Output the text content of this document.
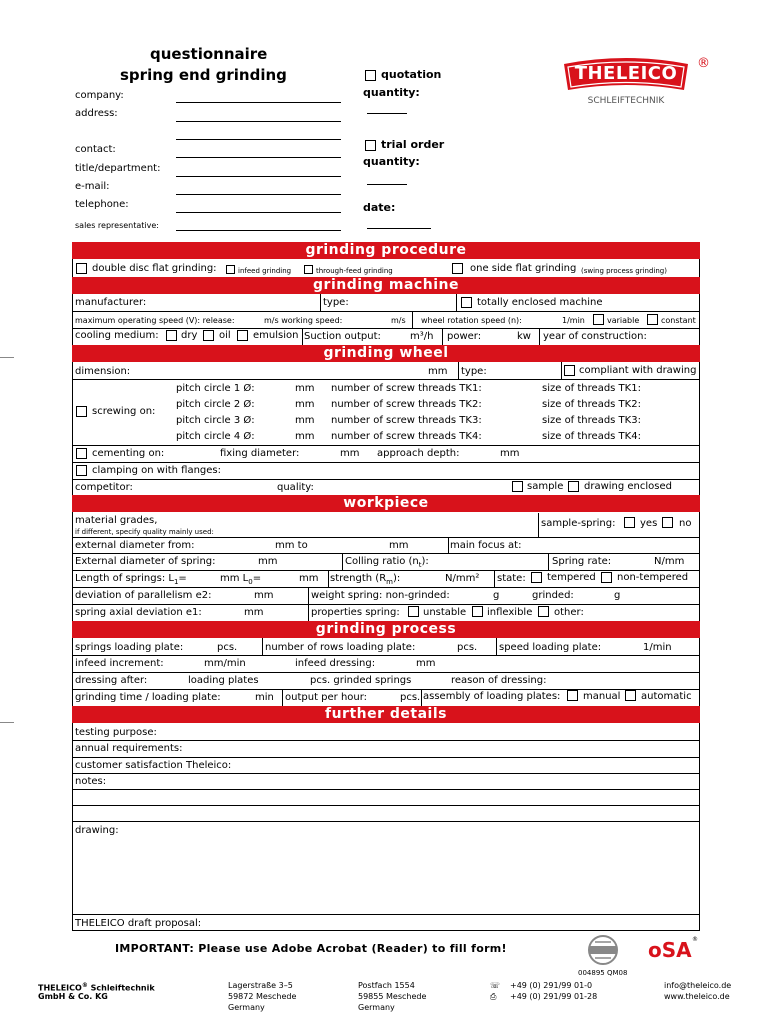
questionnaire
spring end grinding
company:
address:
contact:
title/department:
e-mail:
telephone:
sales representative:
quotation
quantity:
trial order
quantity:
date:
THELEICO
SCHLEIFTECHNIK
®
grinding procedure
double disc flat grinding:	infeed grinding	through-feed grinding	one side flat grinding (swing process grinding)
grinding machine
manufacturer:	type:	totally enclosed machine
maximum operating speed (V): release:	m/s working speed:	m/s wheel rotation speed (n):	1/min	variable	constant
cooling medium: dry oil emulsion Suction output:	m³/h power:	kw year of construction:
grinding wheel
dimension:	mm type:	compliant with drawing
screwing on:
pitch circle 1 Ø:	mm number of screw threads TK1:	size of threads TK1:
pitch circle 2 Ø:	mm number of screw threads TK2:	size of threads TK2:
pitch circle 3 Ø:	mm number of screw threads TK3:	size of threads TK3:
pitch circle 4 Ø:	mm number of screw threads TK4:	size of threads TK4:
cementing on:	fixing diameter:	mm approach depth:	mm
clamping on with flanges:
competitor:	quality:	sample drawing enclosed
workpiece
material grades,
if different, specify quality mainly used:
sample-spring: yes no
external diameter from:	mm to	mm	main focus at:
External diameter of spring:	mm	Colling ratio $(n_t)$:	Spring rate:	N/mm
Length of springs: $L_1=$	mm $L_0=$	mm strength $(R_m)$:	N/mm² state: tempered non-tempered
deviation of parallelism e2:	mm	weight spring: non-grinded:	g	grinded:	g
spring axial deviation e1:	mm	properties spring: unstable inflexible other:
grinding process
springs loading plate:	pcs.	number of rows loading plate:	pcs. speed loading plate:	1/min
infeed increment:	mm/min	infeed dressing:	mm
dressing after:	loading plates	pcs. grinded springs	reason of dressing:
grinding time / loading plate:	min output per hour:	pcs. assembly of loading plates: manual automatic
further details
testing purpose:
annual requirements:
customer satisfaction Theleico:
notes:
drawing:
THELEICO draft proposal:
IMPORTANT: Please use Adobe Acrobat (Reader) to fill form!	oSA ®
004895 QM08
THELEICO® Schleiftechnik
GmbH & Co. KG
Lagerstraße 3–5
59872 Meschede
Germany
Postfach 1554
59855 Meschede
Germany
☏
⎙
+49 (0) 291/99 01-0
+49 (0) 291/99 01-28
info@theleico.de
www.theleico.de
